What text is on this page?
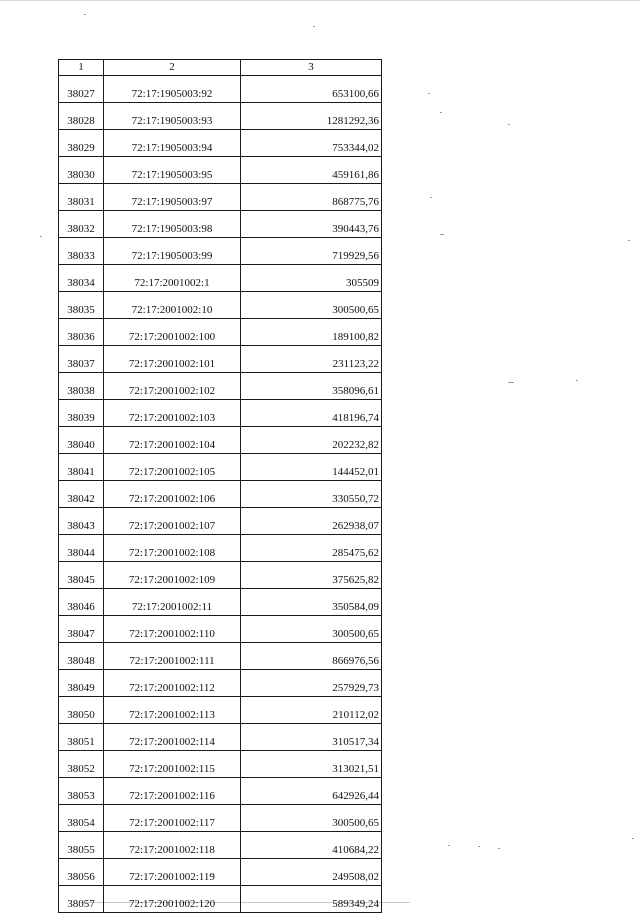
1	2	3
38027	72:17:1905003:92	653100,66
38028	72:17:1905003:93	1281292,36
38029	72:17:1905003:94	753344,02
38030	72:17:1905003:95	459161,86
38031	72:17:1905003:97	868775,76
38032	72:17:1905003:98	390443,76
38033	72:17:1905003:99	719929,56
38034	72:17:2001002:1	305509
38035	72:17:2001002:10	300500,65
38036	72:17:2001002:100	189100,82
38037	72:17:2001002:101	231123,22
38038	72:17:2001002:102	358096,61
38039	72:17:2001002:103	418196,74
38040	72:17:2001002:104	202232,82
38041	72:17:2001002:105	144452,01
38042	72:17:2001002:106	330550,72
38043	72:17:2001002:107	262938,07
38044	72:17:2001002:108	285475,62
38045	72:17:2001002:109	375625,82
38046	72:17:2001002:11	350584,09
38047	72:17:2001002:110	300500,65
38048	72:17:2001002:111	866976,56
38049	72:17:2001002:112	257929,73
38050	72:17:2001002:113	210112,02
38051	72:17:2001002:114	310517,34
38052	72:17:2001002:115	313021,51
38053	72:17:2001002:116	642926,44
38054	72:17:2001002:117	300500,65
38055	72:17:2001002:118	410684,22
38056	72:17:2001002:119	249508,02
38057	72:17:2001002:120	589349,24
